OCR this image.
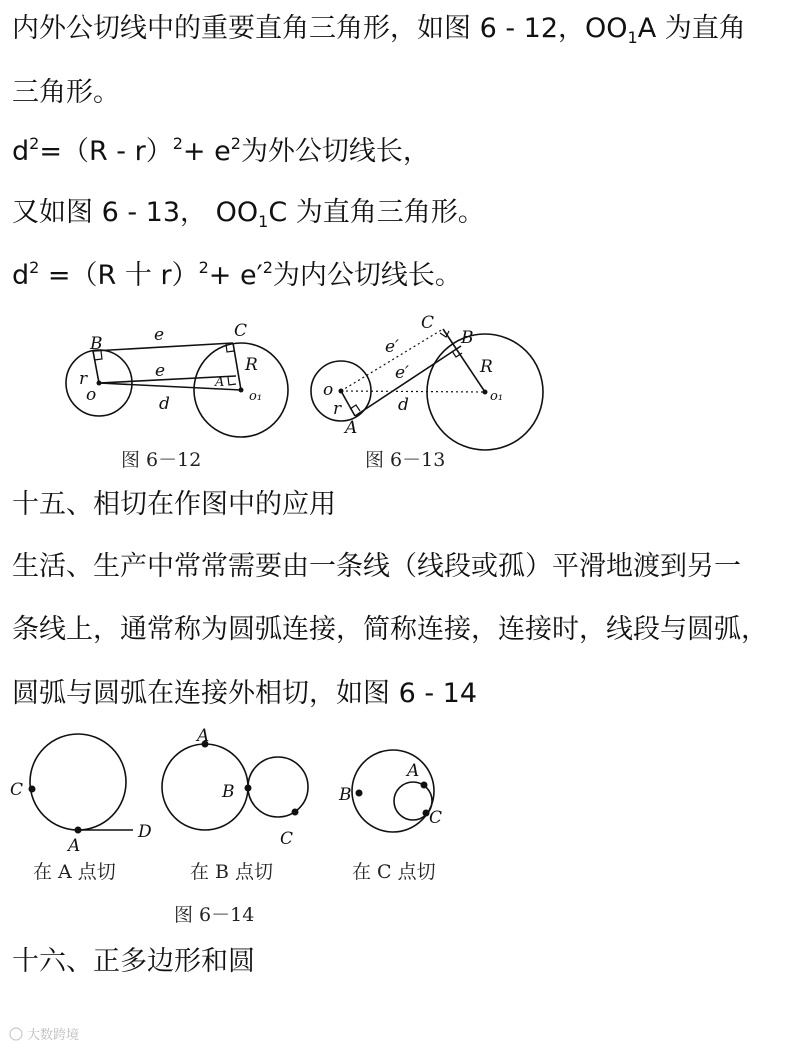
内外公切线中的重要直角三角形，如图 6 - 12，$OO_1A$ 为直角
三角形。
$d^2=(R - r)^2+ e^2$为外公切线长，
又如图 6 - 13， $OO_1C$ 为直角三角形。
$d^2 =(R$ 十 $r)^2+ e'^2$为内公切线长。
十五、相切在作图中的应用
生活、生产中常常需要由一条线（线段或孤）平滑地渡到另一
条线上，通常称为圆弧连接，简称连接，连接时，线段与圆弧，
圆弧与圆弧在连接外相切，如图 6 - 14
十六、正多边形和圆
B
C
e
e	R
r	A
o	o₁
d
图 6－12
C
B
e′
e′	R
o
r
A
d	o₁
图 6－13
C
A
D
在 A 点切
A
B
C
在 B 点切
A
B
C
在 C 点切
图 6－14
大数跨境
